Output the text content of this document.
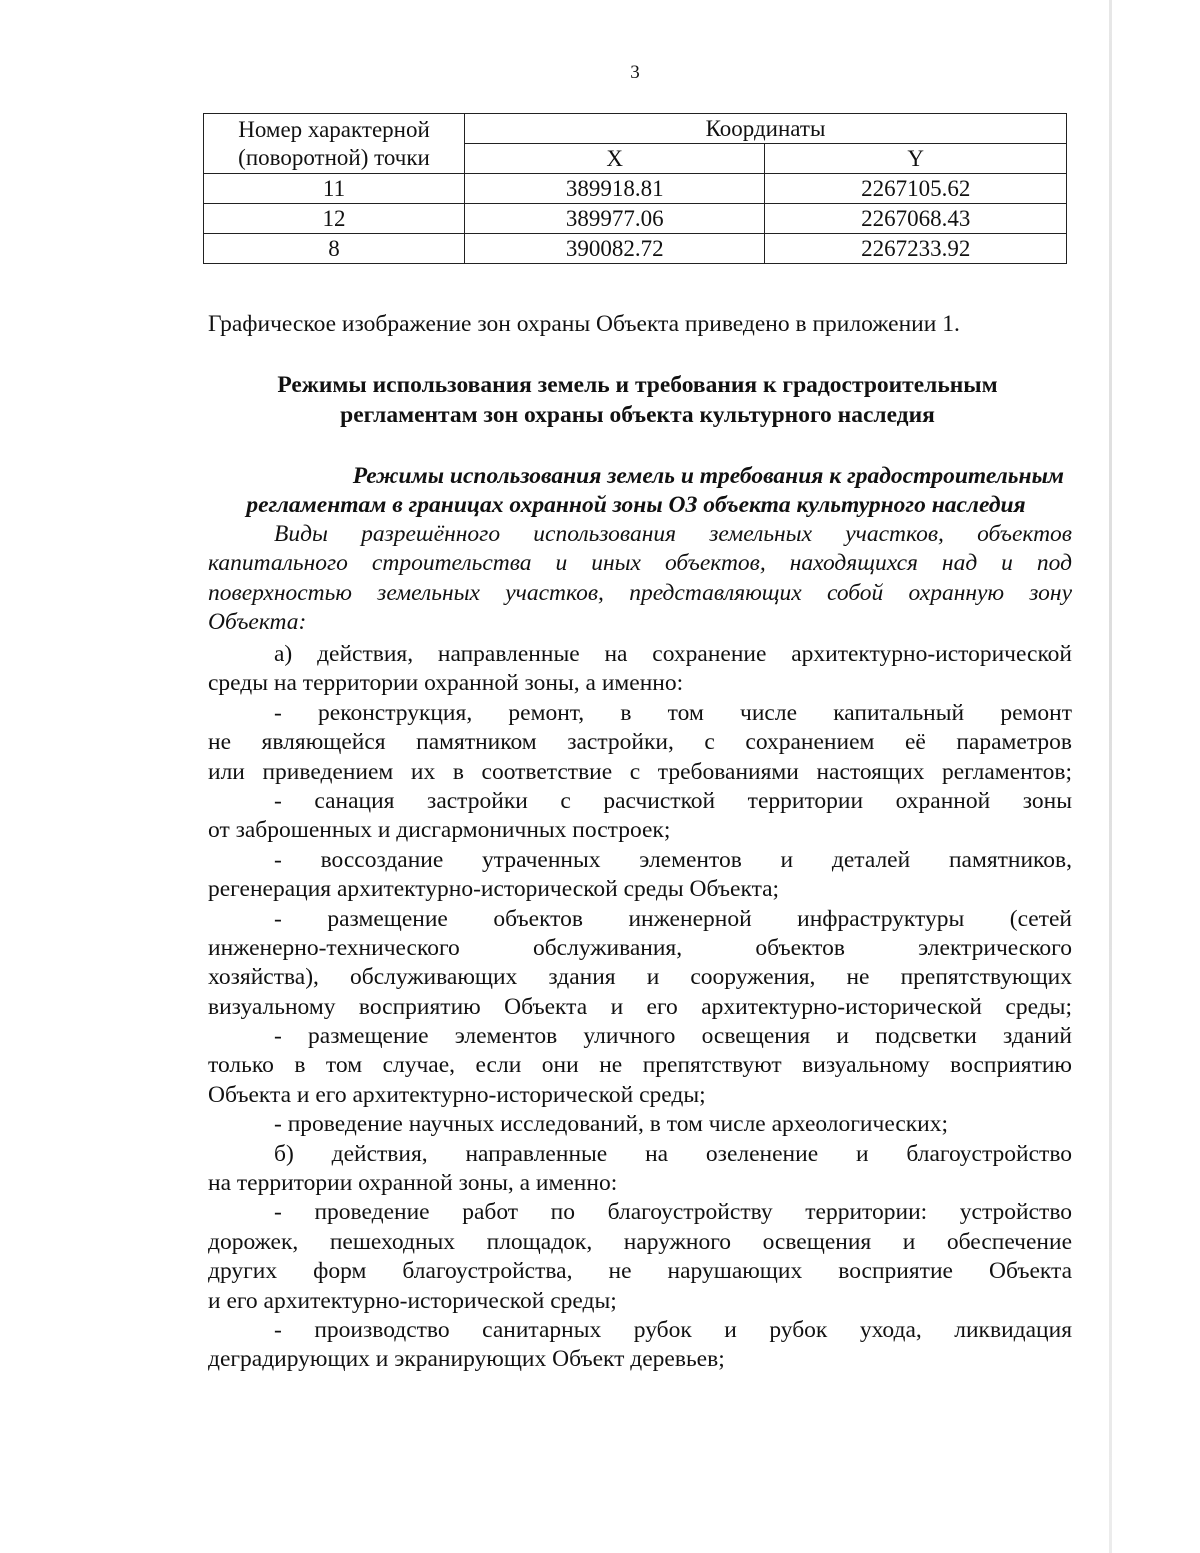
3
Номер характерной
(поворотной) точки	Координаты	
	X	Y
11	389918.81	2267105.62
12	389977.06	2267068.43
8	390082.72	2267233.92
Графическое изображение зон охраны Объекта приведено в приложении 1.
Режимы использования земель и требования к градостроительным
регламентам зон охраны объекта культурного наследия
Режимы использования земель и требования к градостроительным
регламентам в границах охранной зоны ОЗ объекта культурного наследия
Виды разрешённого использования земельных участков, объектов
капитального строительства и иных объектов, находящихся над и под
поверхностью земельных участков, представляющих собой охранную зону
Объекта:
а) действия, направленные на сохранение архитектурно-исторической
среды на территории охранной зоны, а именно:
- реконструкция, ремонт, в том числе капитальный ремонт
не являющейся памятником застройки, с сохранением её параметров
или приведением их в соответствие с требованиями настоящих регламентов;
- санация застройки с расчисткой территории охранной зоны
от заброшенных и дисгармоничных построек;
- воссоздание утраченных элементов и деталей памятников,
регенерация архитектурно-исторической среды Объекта;
- размещение объектов инженерной инфраструктуры (сетей
инженерно-технического обслуживания, объектов электрического
хозяйства), обслуживающих здания и сооружения, не препятствующих
визуальному восприятию Объекта и его архитектурно-исторической среды;
- размещение элементов уличного освещения и подсветки зданий
только в том случае, если они не препятствуют визуальному восприятию
Объекта и его архитектурно-исторической среды;
- проведение научных исследований, в том числе археологических;
б) действия, направленные на озеленение и благоустройство
на территории охранной зоны, а именно:
- проведение работ по благоустройству территории: устройство
дорожек, пешеходных площадок, наружного освещения и обеспечение
других форм благоустройства, не нарушающих восприятие Объекта
и его архитектурно-исторической среды;
- производство санитарных рубок и рубок ухода, ликвидация
деградирующих и экранирующих Объект деревьев;
